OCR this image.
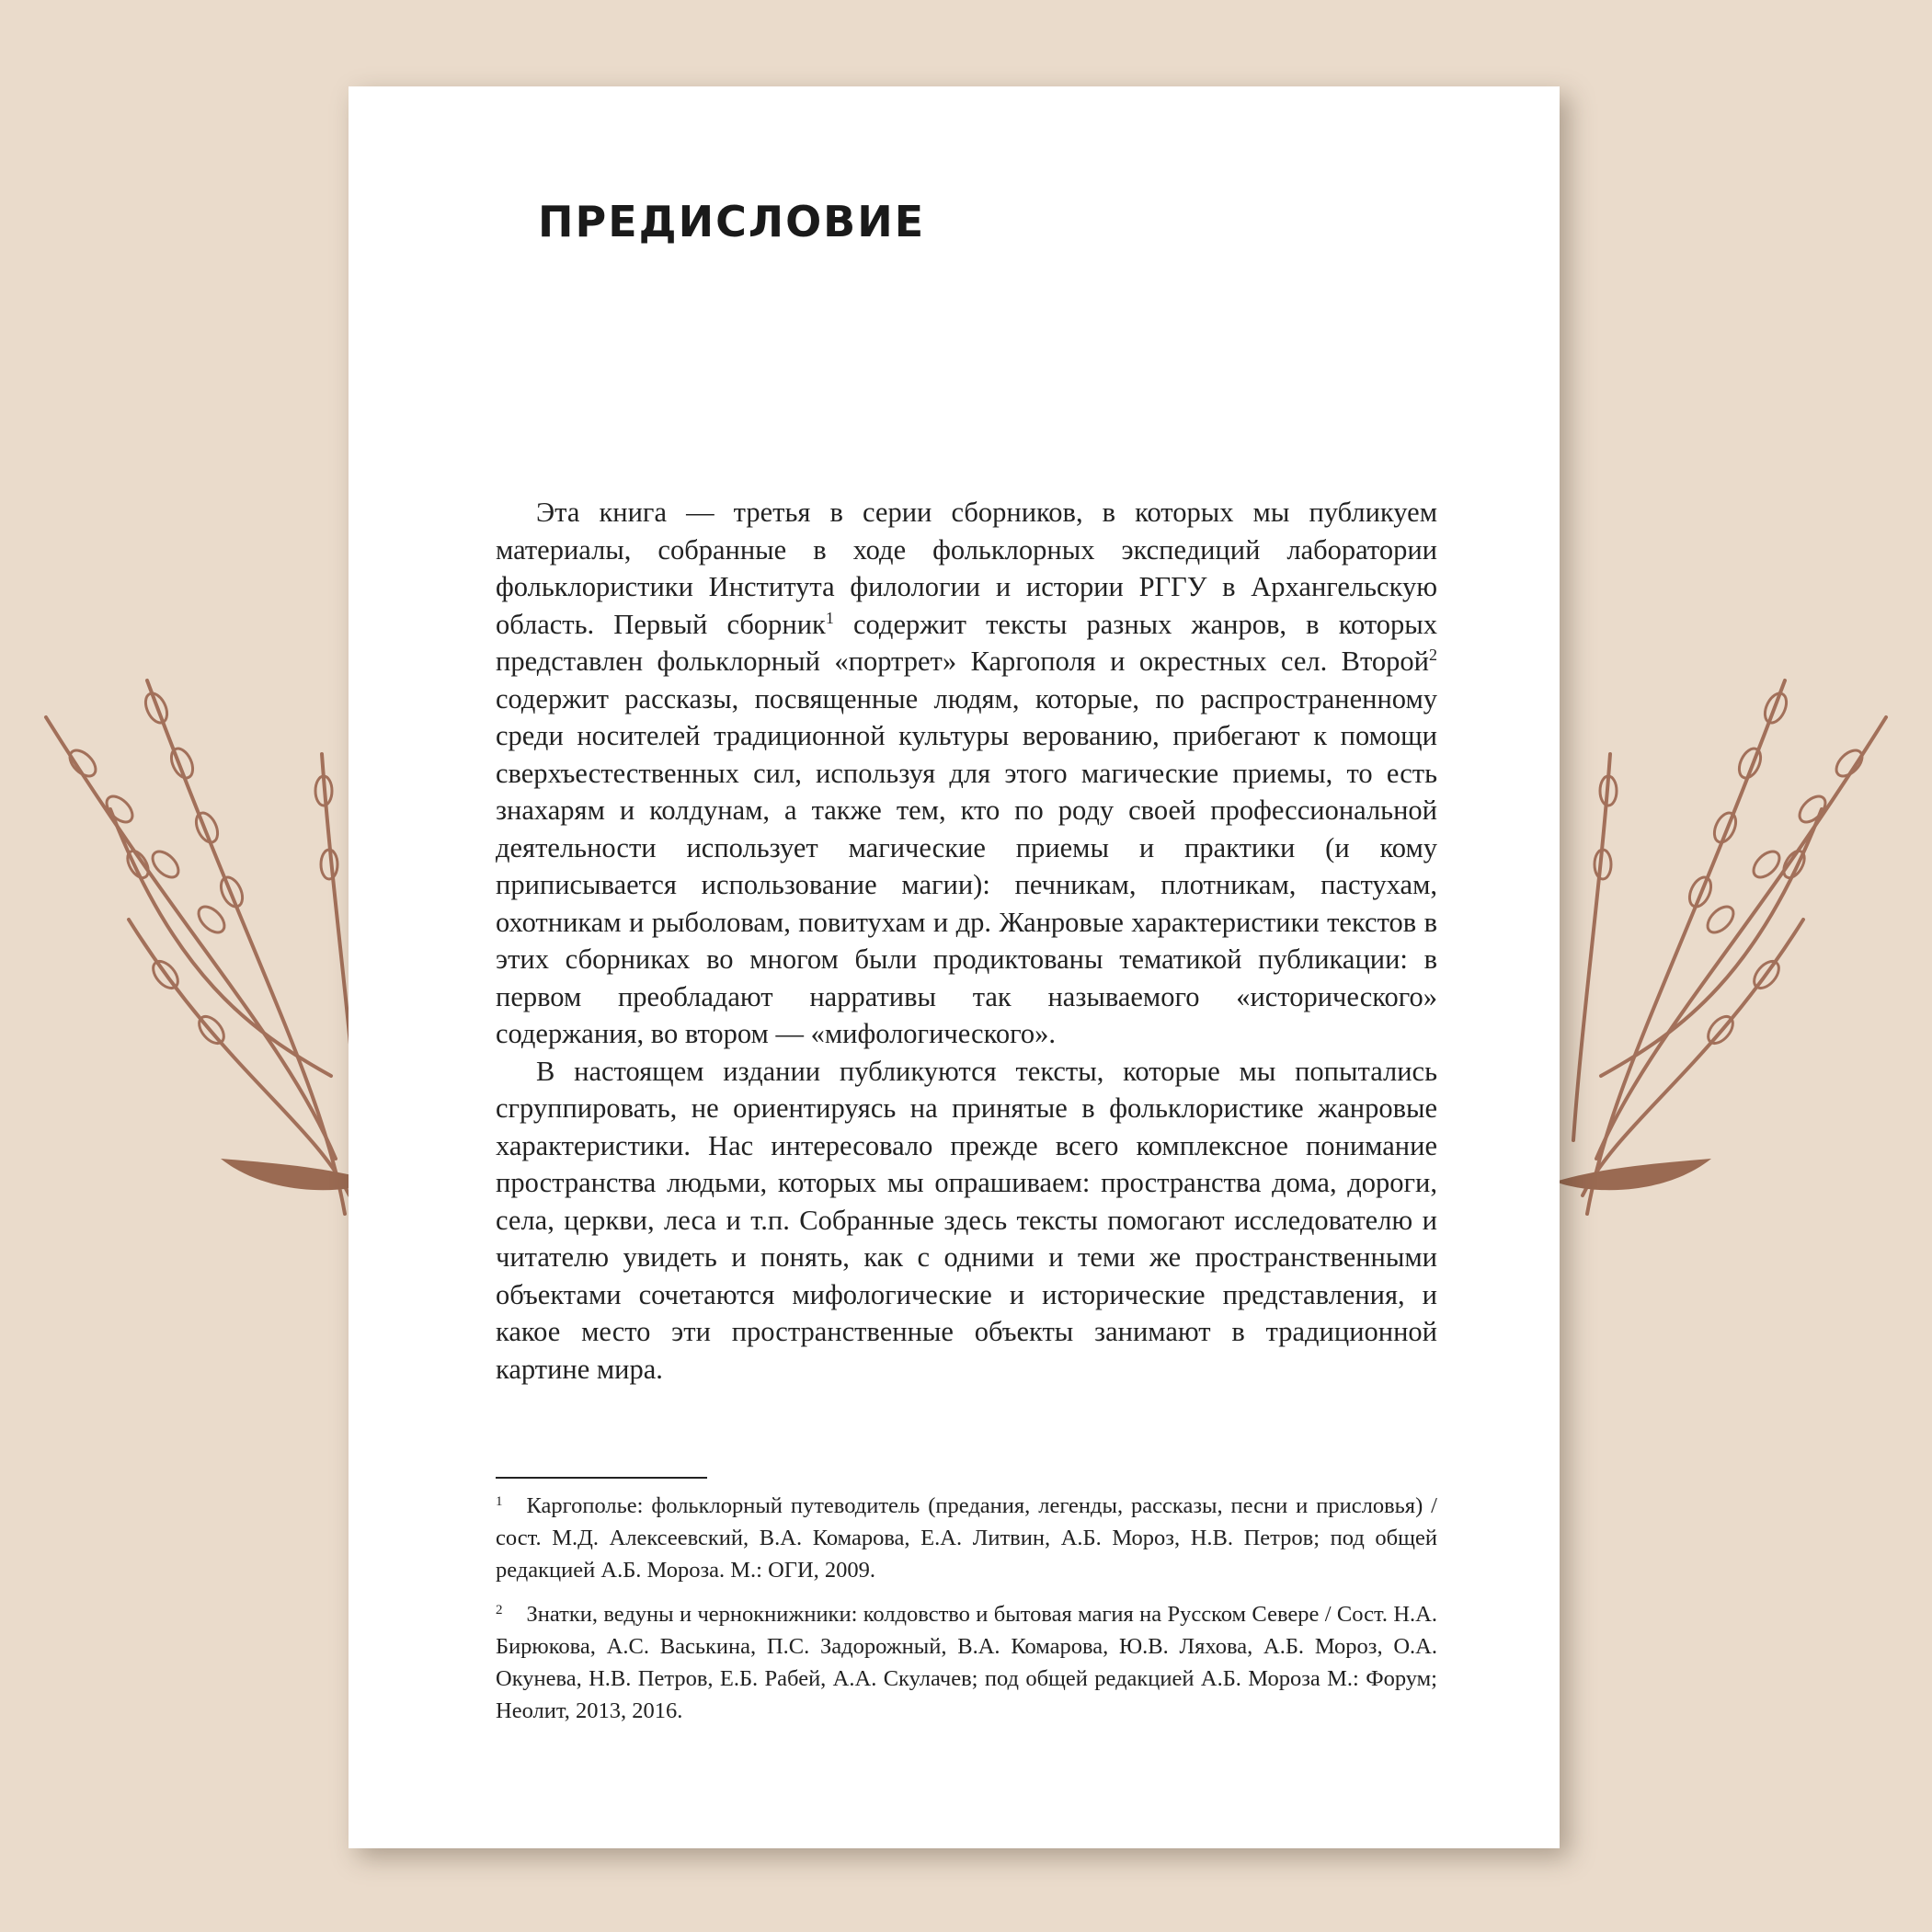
ПРЕДИСЛОВИЕ

Эта книга — третья в серии сборников, в которых мы публикуем материалы, собранные в ходе фольклорных экспедиций лаборатории фольклористики Института филологии и истории РГГУ в Архангельскую область. Первый сборник$^1$ содержит тексты разных жанров, в которых представлен фольклорный «портрет» Каргополя и окрестных сел. Второй$^2$ содержит рассказы, посвященные людям, которые, по распространенному среди носителей традиционной культуры верованию, прибегают к помощи сверхъестественных сил, используя для этого магические приемы, то есть знахарям и колдунам, а также тем, кто по роду своей профессиональной деятельности использует магические приемы и практики (и кому приписывается использование магии): печникам, плотникам, пастухам, охотникам и рыболовам, повитухам и др. Жанровые характеристики текстов в этих сборниках во многом были продиктованы тематикой публикации: в первом преобладают нарративы так называемого «исторического» содержания, во втором — «мифологического».

В настоящем издании публикуются тексты, которые мы попытались сгруппировать, не ориентируясь на принятые в фольклористике жанровые характеристики. Нас интересовало прежде всего комплексное понимание пространства людьми, которых мы опрашиваем: пространства дома, дороги, села, церкви, леса и т.п. Собранные здесь тексты помогают исследователю и читателю увидеть и понять, как с одними и теми же пространственными объектами сочетаются мифологические и исторические представления, и какое место эти пространственные объекты занимают в традиционной картине мира.

$^1$ Каргополье: фольклорный путеводитель (предания, легенды, рассказы, песни и присловья) / сост. М.Д. Алексеевский, В.А. Комарова, Е.А. Литвин, А.Б. Мороз, Н.В. Петров; под общей редакцией А.Б. Мороза. М.: ОГИ, 2009.

$^2$ Знатки, ведуны и чернокнижники: колдовство и бытовая магия на Русском Севере / Сост. Н.А. Бирюкова, А.С. Васькина, П.С. Задорожный, В.А. Комарова, Ю.В. Ляхова, А.Б. Мороз, О.А. Окунева, Н.В. Петров, Е.Б. Рабей, А.А. Скулачев; под общей редакцией А.Б. Мороза М.: Форум; Неолит, 2013, 2016.
